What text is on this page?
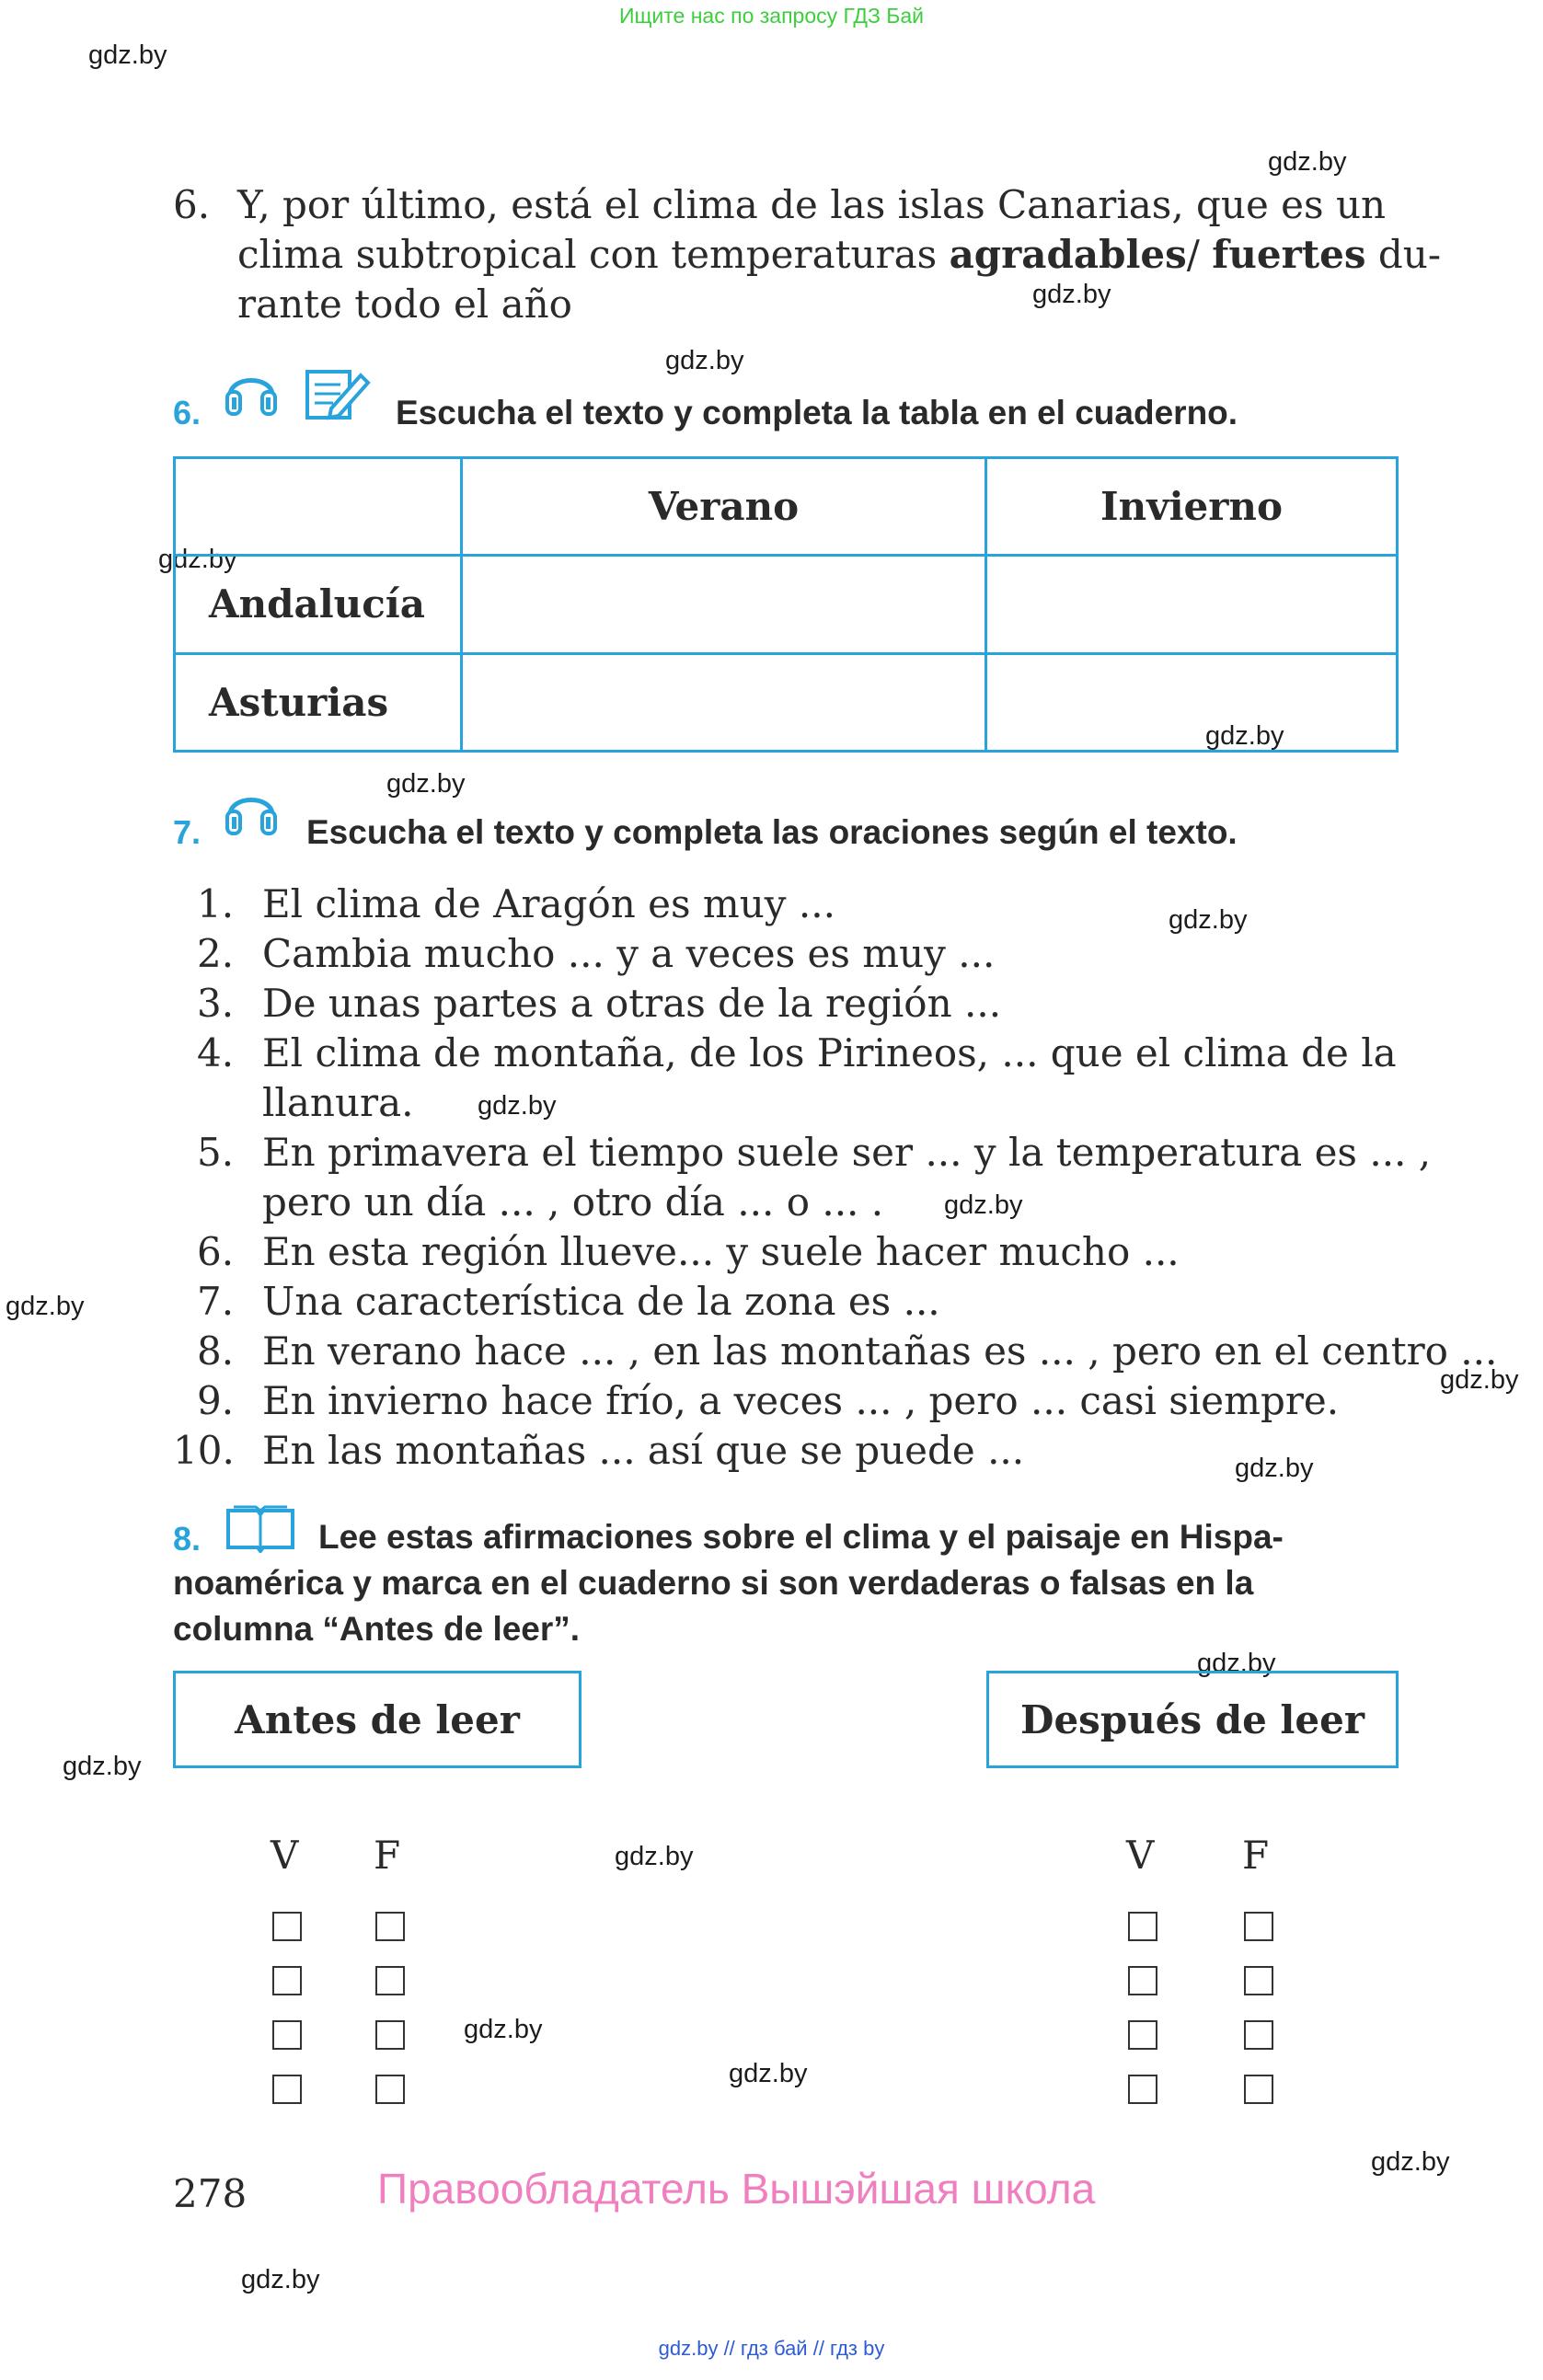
Ищите нас по запросу ГДЗ Бай
gdz.by
gdz.by
gdz.by
gdz.by
gdz.by
gdz.by
gdz.by
gdz.by
gdz.by
gdz.by
gdz.by
gdz.by
gdz.by
gdz.by
gdz.by
gdz.by
gdz.by
gdz.by
gdz.by
gdz.by
6. Y, por último, está el clima de las islas Canarias, que es un
clima subtropical con temperaturas agradables/ fuertes du-
rante todo el año
6.	Escucha el texto y completa la tabla en el cuaderno.
	Verano	Invierno
Andalucía		
Asturias		
7.	Escucha el texto y completa las oraciones según el texto.
1. El clima de Aragón es muy ...
2. Cambia mucho ... y a veces es muy ...
3. De unas partes a otras de la región ...
4. El clima de montaña, de los Pirineos, ... que el clima de la
llanura.
5. En primavera el tiempo suele ser ... y la temperatura es ... ,
pero un día ... , otro día ... o ... .
6. En esta región llueve... y suele hacer mucho ...
7. Una característica de la zona es ...
8. En verano hace ... , en las montañas es ... , pero en el centro ...
9. En invierno hace frío, a veces ... , pero ... casi siempre.
10. En las montañas ... así que se puede ...
8.	Lee estas afirmaciones sobre el clima y el paisaje en Hispa-
noamérica y marca en el cuaderno si son verdaderas o falsas en la
columna “Antes de leer”.
Antes de leer	Después de leer
V F	V F
278	Правообладатель Вышэйшая школа
gdz.by // гдз бай // гдз by
